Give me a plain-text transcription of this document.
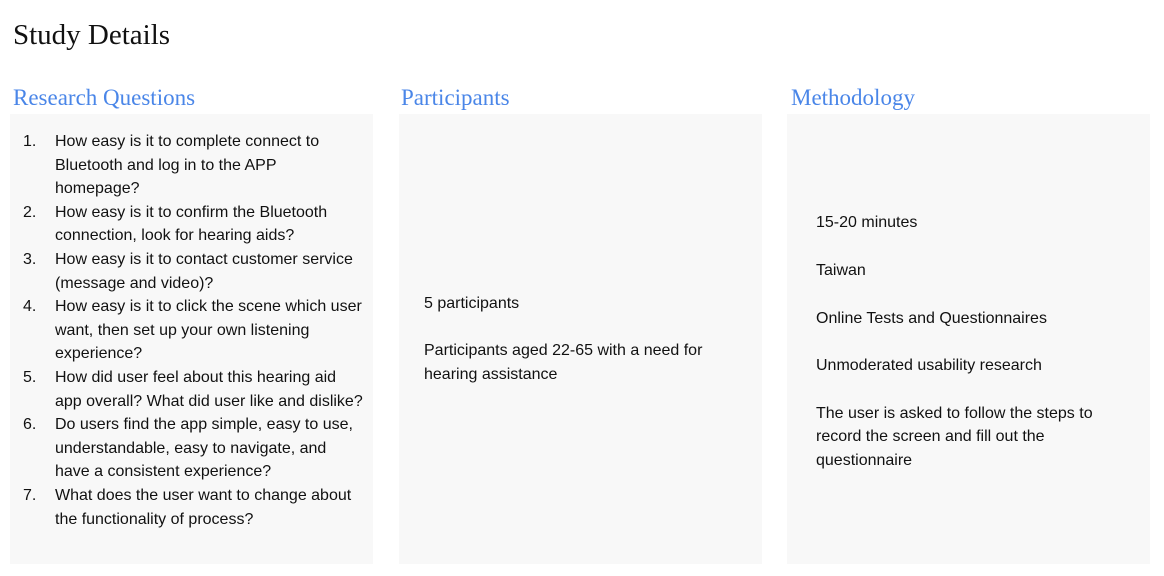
Study Details
Research Questions	Participants	Methodology
1. How easy is it to complete connect to Bluetooth and log in to the APP homepage?
2. How easy is it to confirm the Bluetooth connection, look for hearing aids?
3. How easy is it to contact customer service (message and video)?
4. How easy is it to click the scene which user want, then set up your own listening experience?
5. How did user feel about this hearing aid app overall? What did user like and dislike?
6. Do users find the app simple, easy to use, understandable, easy to navigate, and have a consistent experience?
7. What does the user want to change about the functionality of process?

5 participants

Participants aged 22-65 with a need for hearing assistance

15-20 minutes

Taiwan

Online Tests and Questionnaires

Unmoderated usability research

The user is asked to follow the steps to record the screen and fill out the questionnaire
